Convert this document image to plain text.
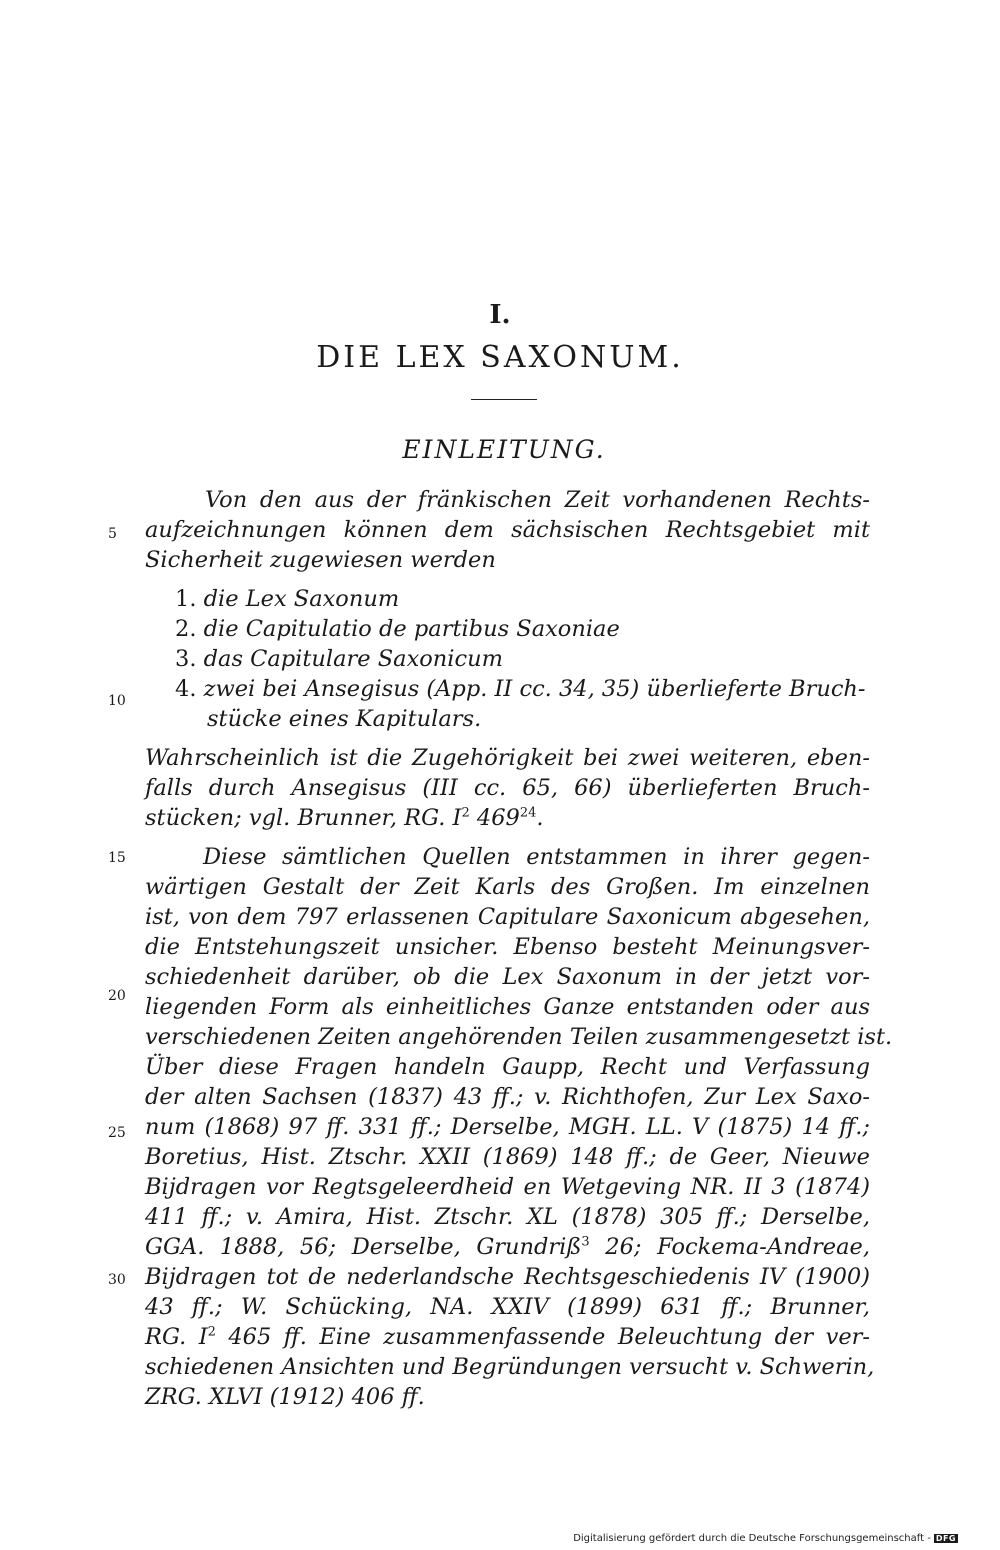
I.
DIE LEX SAXONUM.
EINLEITUNG.
5
10
15
20
25
30
Von den aus der fränkischen Zeit vorhandenen Rechts-
aufzeichnungen können dem sächsischen Rechtsgebiet mit
Sicherheit zugewiesen werden
1. die Lex Saxonum
2. die Capitulatio de partibus Saxoniae
3. das Capitulare Saxonicum
4. zwei bei Ansegisus (App. II cc. 34, 35) überlieferte Bruch-
stücke eines Kapitulars.
Wahrscheinlich ist die Zugehörigkeit bei zwei weiteren, eben-
falls durch Ansegisus (III cc. 65, 66) überlieferten Bruch-
stücken; vgl. Brunner, RG. $I^2$ $469^{24}$.
Diese sämtlichen Quellen entstammen in ihrer gegen-
wärtigen Gestalt der Zeit Karls des Großen. Im einzelnen
ist, von dem 797 erlassenen Capitulare Saxonicum abgesehen,
die Entstehungszeit unsicher. Ebenso besteht Meinungsver-
schiedenheit darüber, ob die Lex Saxonum in der jetzt vor-
liegenden Form als einheitliches Ganze entstanden oder aus
verschiedenen Zeiten angehörenden Teilen zusammengesetzt ist.
Über diese Fragen handeln Gaupp, Recht und Verfassung
der alten Sachsen (1837) 43 ff.; v. Richthofen, Zur Lex Saxo-
num (1868) 97 ff. 331 ff.; Derselbe, MGH. LL. V (1875) 14 ff.;
Boretius, Hist. Ztschr. XXII (1869) 148 ff.; de Geer, Nieuwe
Bijdragen vor Regtsgeleerdheid en Wetgeving NR. II 3 (1874)
411 ff.; v. Amira, Hist. Ztschr. XL (1878) 305 ff.; Derselbe,
GGA. 1888, 56; Derselbe, Grundriß$^3$ 26; Fockema-Andreae,
Bijdragen tot de nederlandsche Rechtsgeschiedenis IV (1900)
43 ff.; W. Schücking, NA. XXIV (1899) 631 ff.; Brunner,
RG. $I^2$ 465 ff. Eine zusammenfassende Beleuchtung der ver-
schiedenen Ansichten und Begründungen versucht v. Schwerin,
ZRG. XLVI (1912) 406 ff.
Digitalisierung gefördert durch die Deutsche Forschungsgemeinschaft - DFG
